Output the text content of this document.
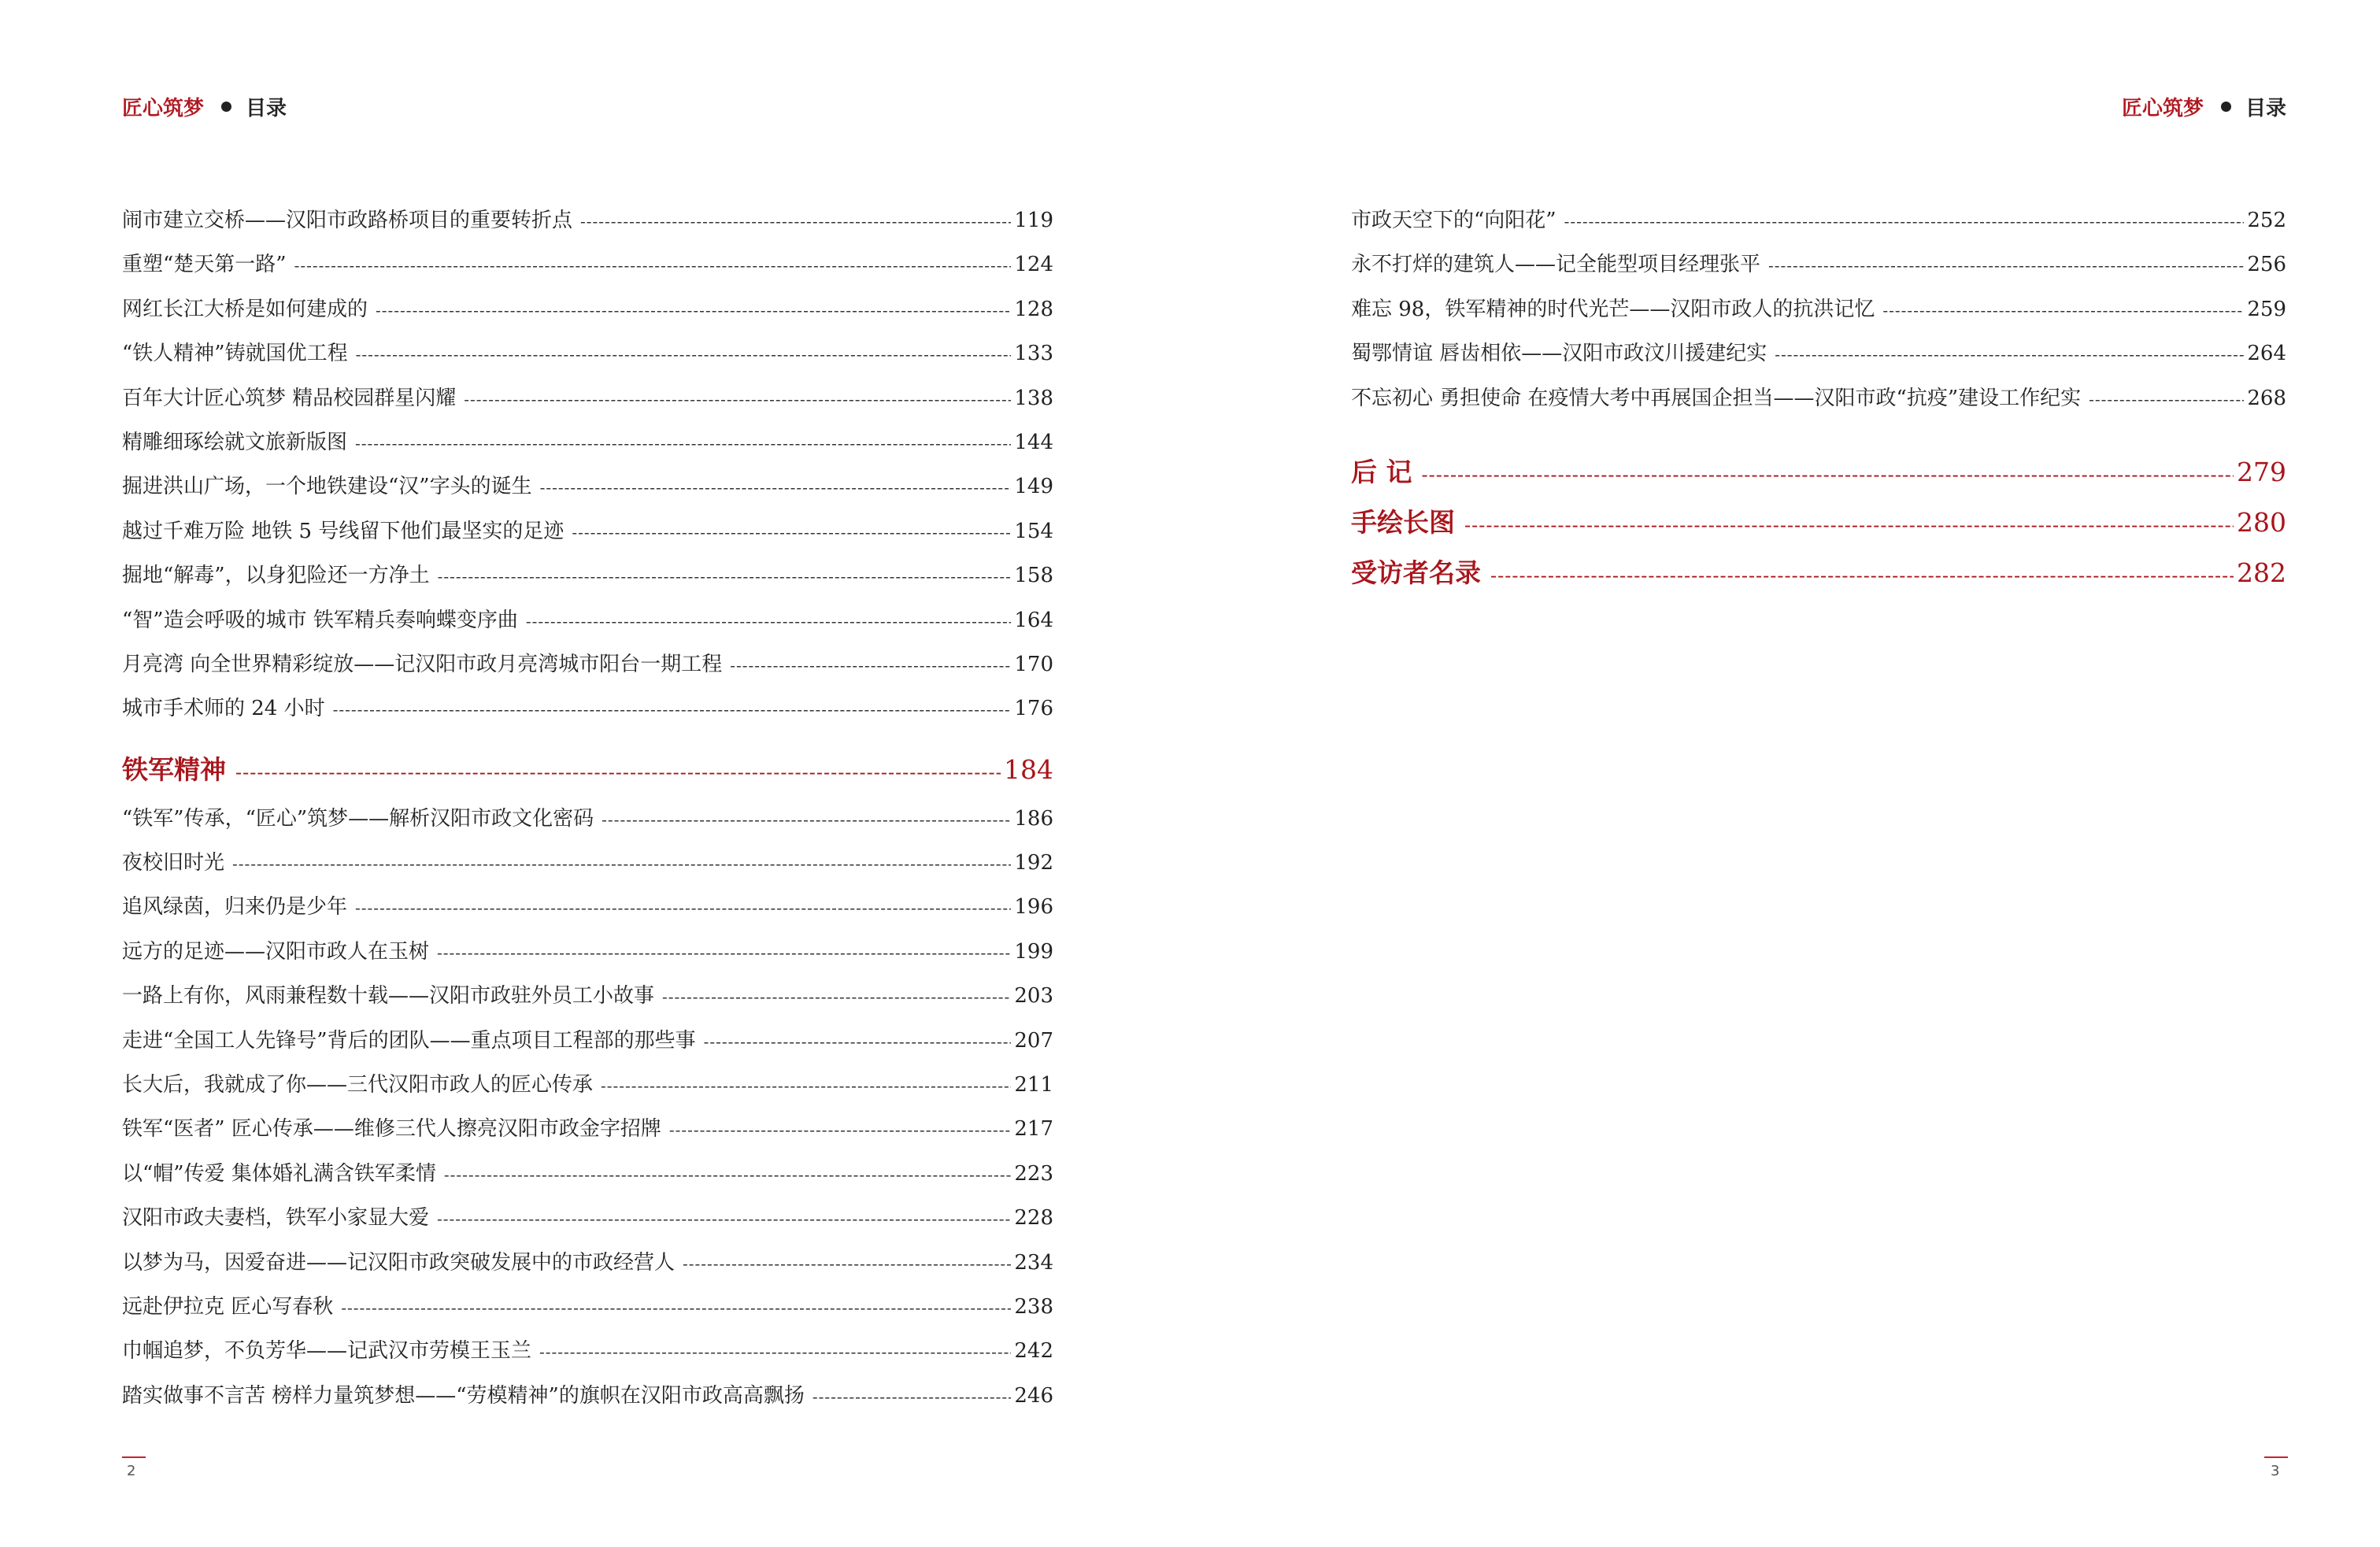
匠心筑梦 目录
闹市建立交桥——汉阳市政路桥项目的重要转折点 -----	119
重塑“楚天第一路” -----	124
网红长江大桥是如何建成的 -----	128
“铁人精神”铸就国优工程 -----	133
百年大计匠心筑梦 精品校园群星闪耀 -----	138
精雕细琢绘就文旅新版图 -----	144
掘进洪山广场，一个地铁建设“汉”字头的诞生 -----	149
越过千难万险 地铁 5 号线留下他们最坚实的足迹 -----	154
掘地“解毒”，以身犯险还一方净土 -----	158
“智”造会呼吸的城市 铁军精兵奏响蝶变序曲 -----	164
月亮湾 向全世界精彩绽放——记汉阳市政月亮湾城市阳台一期工程 -----	170
城市手术师的 24 小时 -----	176
铁军精神 -----	184
“铁军”传承，“匠心”筑梦——解析汉阳市政文化密码 -----	186
夜校旧时光 -----	192
追风绿茵，归来仍是少年 -----	196
远方的足迹——汉阳市政人在玉树 -----	199
一路上有你，风雨兼程数十载——汉阳市政驻外员工小故事 -----	203
走进“全国工人先锋号”背后的团队——重点项目工程部的那些事 -----	207
长大后，我就成了你——三代汉阳市政人的匠心传承 -----	211
铁军“医者” 匠心传承——维修三代人擦亮汉阳市政金字招牌 -----	217
以“帽”传爱 集体婚礼满含铁军柔情 -----	223
汉阳市政夫妻档，铁军小家显大爱 -----	228
以梦为马，因爱奋进——记汉阳市政突破发展中的市政经营人 -----	234
远赴伊拉克 匠心写春秋 -----	238
巾帼追梦，不负芳华——记武汉市劳模王玉兰 -----	242
踏实做事不言苦 榜样力量筑梦想——“劳模精神”的旗帜在汉阳市政高高飘扬 -----	246
2
匠心筑梦 目录
市政天空下的“向阳花” -----	252
永不打烊的建筑人——记全能型项目经理张平 -----	256
难忘 98，铁军精神的时代光芒——汉阳市政人的抗洪记忆 -----	259
蜀鄂情谊 唇齿相依——汉阳市政汶川援建纪实 -----	264
不忘初心 勇担使命 在疫情大考中再展国企担当——汉阳市政“抗疫”建设工作纪实 -----	268
后 记 -----	279
手绘长图 -----	280
受访者名录 -----	282
3
